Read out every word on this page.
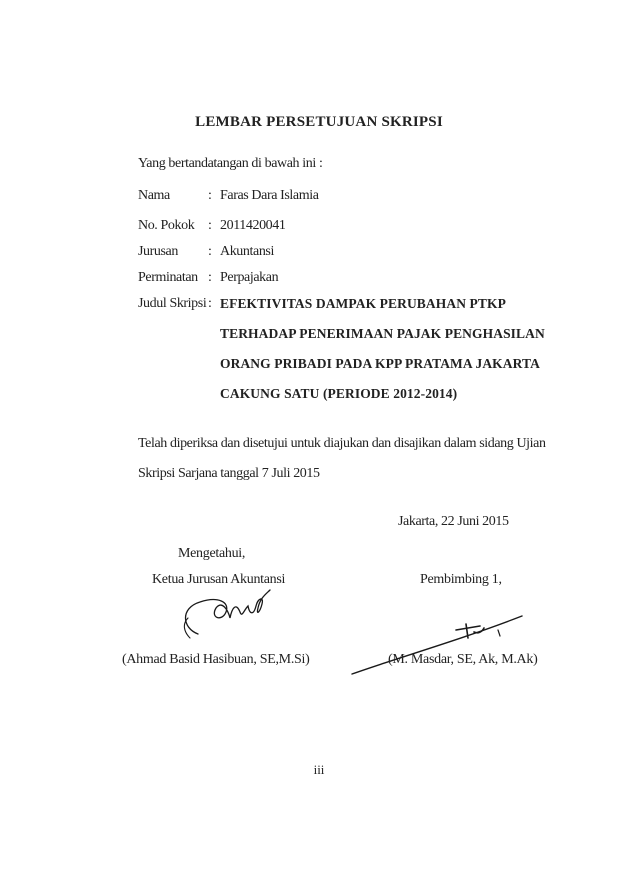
LEMBAR PERSETUJUAN SKRIPSI
Yang bertandatangan di bawah ini :
Nama	: Faras Dara Islamia
No. Pokok : 2011420041
Jurusan : Akuntansi
Perminatan : Perpajakan
Judul Skripsi : EFEKTIVITAS DAMPAK PERUBAHAN PTKP
TERHADAP PENERIMAAN PAJAK PENGHASILAN
ORANG PRIBADI PADA KPP PRATAMA JAKARTA
CAKUNG SATU (PERIODE 2012-2014)
Telah diperiksa dan disetujui untuk diajukan dan disajikan dalam sidang Ujian
Skripsi Sarjana tanggal 7 Juli 2015
Jakarta, 22 Juni 2015
Mengetahui,
Ketua Jurusan Akuntansi
(Ahmad Basid Hasibuan, SE,M.Si)
Pembimbing 1,
(M. Masdar, SE, Ak, M.Ak)
iii
